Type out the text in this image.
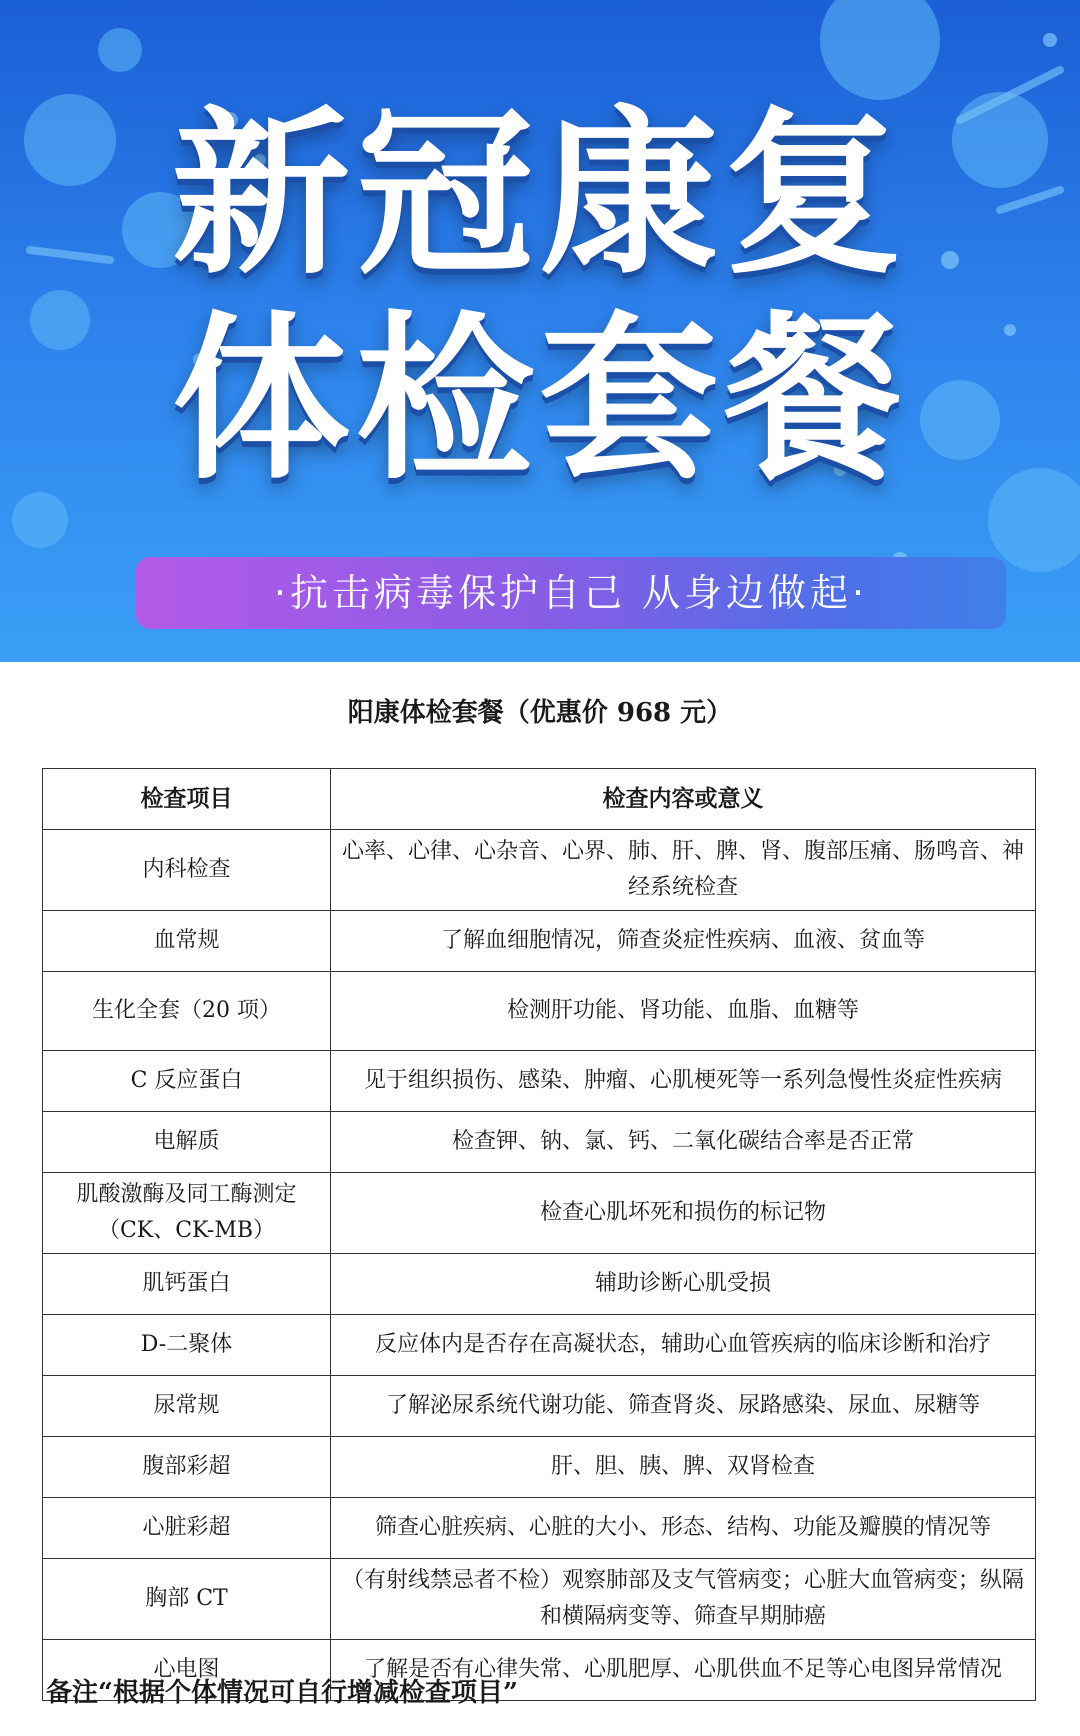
新冠康复
体检套餐
·抗击病毒保护自己 从身边做起·
阳康体检套餐（优惠价 968 元）
检查项目	检查内容或意义
内科检查	心率、心律、心杂音、心界、肺、肝、脾、肾、腹部压痛、肠鸣音、神经系统检查
血常规	了解血细胞情况，筛查炎症性疾病、血液、贫血等
生化全套（20 项）	检测肝功能、肾功能、血脂、血糖等
C 反应蛋白	见于组织损伤、感染、肿瘤、心肌梗死等一系列急慢性炎症性疾病
电解质	检查钾、钠、氯、钙、二氧化碳结合率是否正常
肌酸激酶及同工酶测定（CK、CK-MB）	检查心肌坏死和损伤的标记物
肌钙蛋白	辅助诊断心肌受损
D-二聚体	反应体内是否存在高凝状态，辅助心血管疾病的临床诊断和治疗
尿常规	了解泌尿系统代谢功能、筛查肾炎、尿路感染、尿血、尿糖等
腹部彩超	肝、胆、胰、脾、双肾检查
心脏彩超	筛查心脏疾病、心脏的大小、形态、结构、功能及瓣膜的情况等
胸部 CT	（有射线禁忌者不检）观察肺部及支气管病变；心脏大血管病变；纵隔和横隔病变等、筛查早期肺癌
心电图	了解是否有心律失常、心肌肥厚、心肌供血不足等心电图异常情况
备注“根据个体情况可自行增减检查项目”
